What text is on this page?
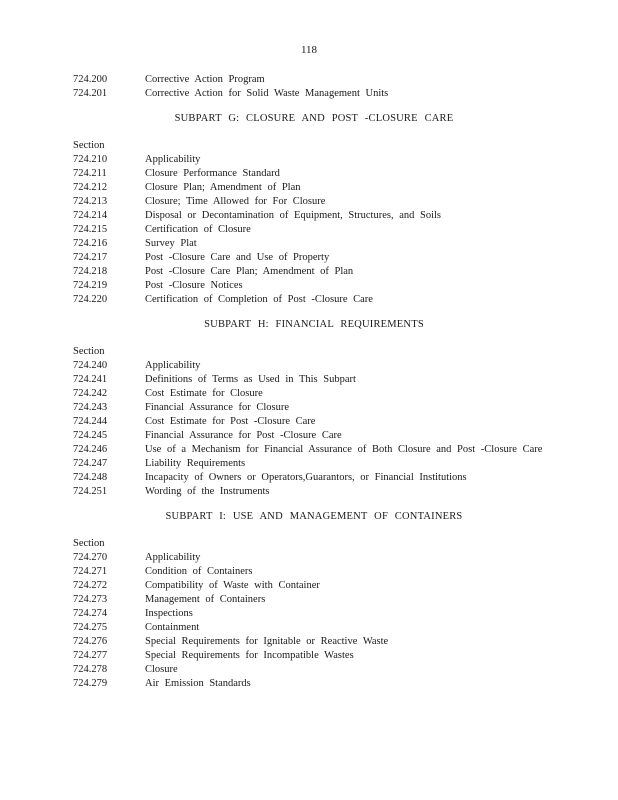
118
724.200	Corrective Action Program
724.201	Corrective Action for Solid Waste Management Units
SUBPART G: CLOSURE AND POST -CLOSURE CARE
Section
724.210	Applicability
724.211	Closure Performance Standard
724.212	Closure Plan; Amendment of Plan
724.213	Closure; Time Allowed for For Closure
724.214	Disposal or Decontamination of Equipment, Structures, and Soils
724.215	Certification of Closure
724.216	Survey Plat
724.217	Post -Closure Care and Use of Property
724.218	Post -Closure Care Plan; Amendment of Plan
724.219	Post -Closure Notices
724.220	Certification of Completion of Post -Closure Care
SUBPART H: FINANCIAL REQUIREMENTS
Section
724.240	Applicability
724.241	Definitions of Terms as Used in This Subpart
724.242	Cost Estimate for Closure
724.243	Financial Assurance for Closure
724.244	Cost Estimate for Post -Closure Care
724.245	Financial Assurance for Post -Closure Care
724.246	Use of a Mechanism for Financial Assurance of Both Closure and Post -Closure Care
724.247	Liability Requirements
724.248	Incapacity of Owners or Operators,Guarantors, or Financial Institutions
724.251	Wording of the Instruments
SUBPART I: USE AND MANAGEMENT OF CONTAINERS
Section
724.270	Applicability
724.271	Condition of Containers
724.272	Compatibility of Waste with Container
724.273	Management of Containers
724.274	Inspections
724.275	Containment
724.276	Special Requirements for Ignitable or Reactive Waste
724.277	Special Requirements for Incompatible Wastes
724.278	Closure
724.279	Air Emission Standards
